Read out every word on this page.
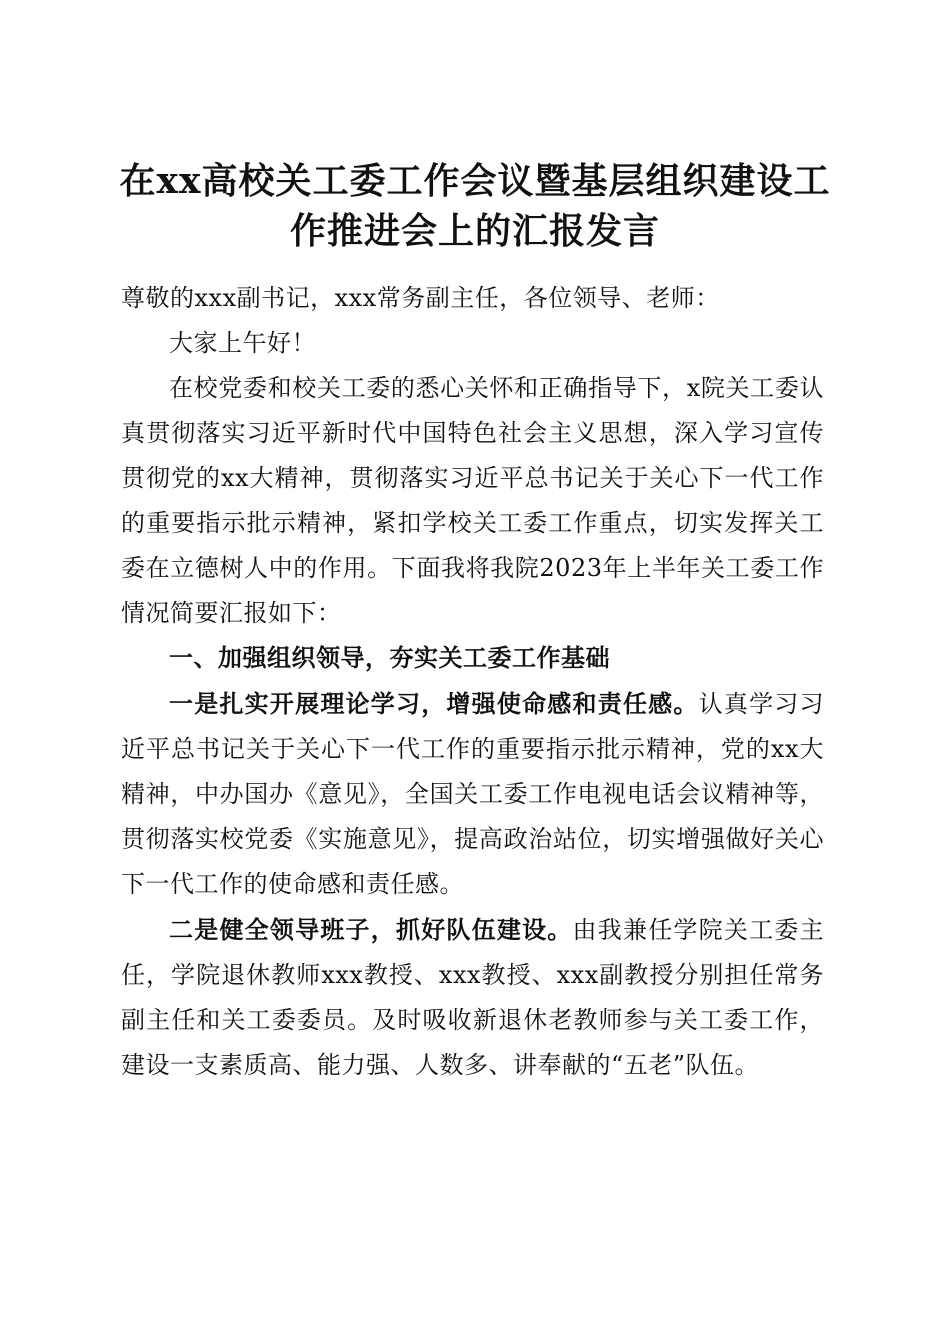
在xx高校关工委工作会议暨基层组织建设工
作推进会上的汇报发言

尊敬的xxx副书记，xxx常务副主任，各位领导、老师：

大家上午好！

在校党委和校关工委的悉心关怀和正确指导下，x院关工委认真贯彻落实习近平新时代中国特色社会主义思想，深入学习宣传贯彻党的xx大精神，贯彻落实习近平总书记关于关心下一代工作的重要指示批示精神，紧扣学校关工委工作重点，切实发挥关工委在立德树人中的作用。下面我将我院2023年上半年关工委工作情况简要汇报如下：

一、加强组织领导，夯实关工委工作基础

一是扎实开展理论学习，增强使命感和责任感。认真学习习近平总书记关于关心下一代工作的重要指示批示精神，党的xx大精神，中办国办《意见》，全国关工委工作电视电话会议精神等，贯彻落实校党委《实施意见》，提高政治站位，切实增强做好关心下一代工作的使命感和责任感。

二是健全领导班子，抓好队伍建设。由我兼任学院关工委主任，学院退休教师xxx教授、xxx教授、xxx副教授分别担任常务副主任和关工委委员。及时吸收新退休老教师参与关工委工作，建设一支素质高、能力强、人数多、讲奉献的“五老”队伍。
